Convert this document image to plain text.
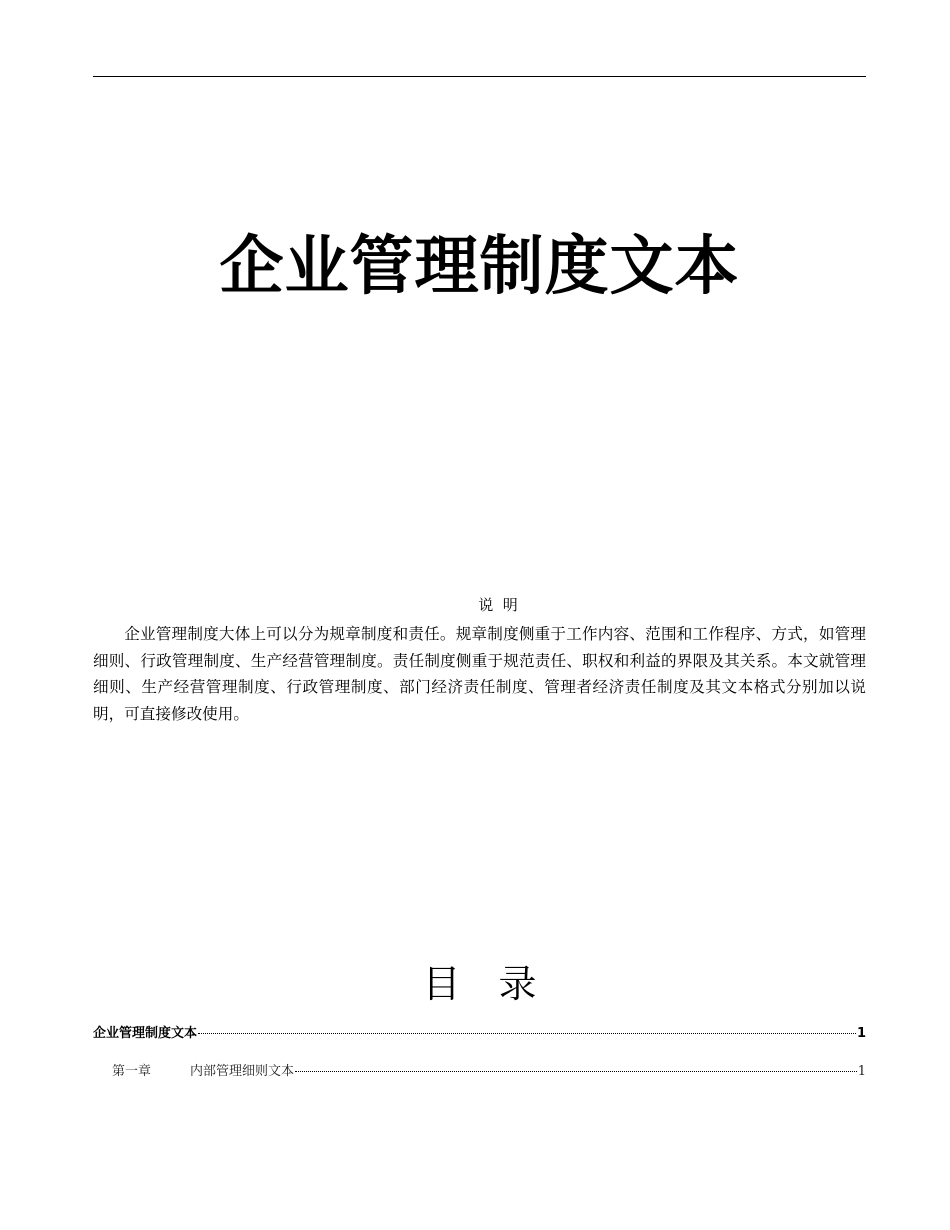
企业管理制度文本
说  明

企业管理制度大体上可以分为规章制度和责任。规章制度侧重于工作内容、范围和工作程序、方式，如管理细则、行政管理制度、生产经营管理制度。责任制度侧重于规范责任、职权和利益的界限及其关系。本文就管理细则、生产经营管理制度、行政管理制度、部门经济责任制度、管理者经济责任制度及其文本格式分别加以说明，可直接修改使用。

目 录
企业管理制度文本	1
第一章	内部管理细则文本	1
